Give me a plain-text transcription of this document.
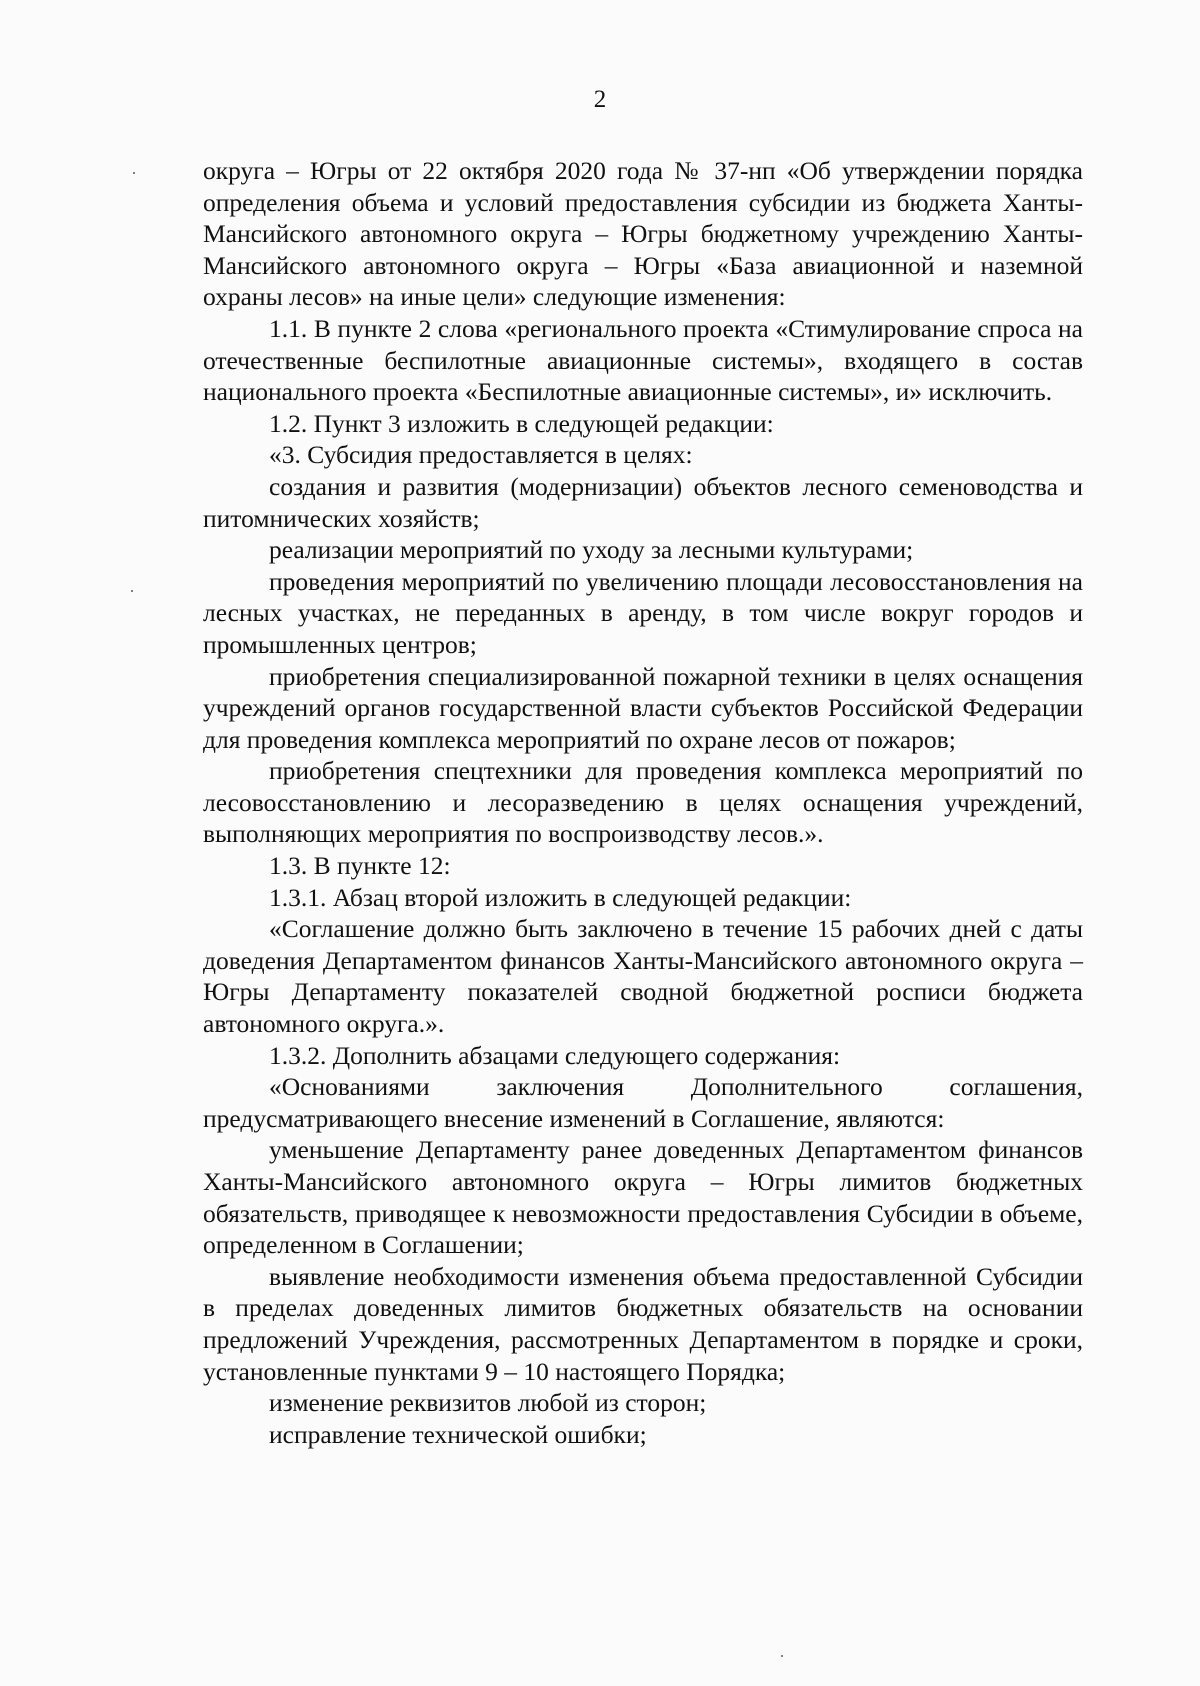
2

округа – Югры от 22 октября 2020 года № 37-нп «Об утверждении порядка определения объема и условий предоставления субсидии из бюджета Ханты-Мансийского автономного округа – Югры бюджетному учреждению Ханты-Мансийского автономного округа – Югры «База авиационной и наземной охраны лесов» на иные цели» следующие изменения:

1.1. В пункте 2 слова «регионального проекта «Стимулирование спроса на отечественные беспилотные авиационные системы», входящего в состав национального проекта «Беспилотные авиационные системы», и» исключить.

1.2. Пункт 3 изложить в следующей редакции:

«3. Субсидия предоставляется в целях:

создания и развития (модернизации) объектов лесного семеноводства и питомнических хозяйств;

реализации мероприятий по уходу за лесными культурами;

проведения мероприятий по увеличению площади лесовосстановления на лесных участках, не переданных в аренду, в том числе вокруг городов и промышленных центров;

приобретения специализированной пожарной техники в целях оснащения учреждений органов государственной власти субъектов Российской Федерации для проведения комплекса мероприятий по охране лесов от пожаров;

приобретения спецтехники для проведения комплекса мероприятий по лесовосстановлению и лесоразведению в целях оснащения учреждений, выполняющих мероприятия по воспроизводству лесов.».

1.3. В пункте 12:

1.3.1. Абзац второй изложить в следующей редакции:

«Соглашение должно быть заключено в течение 15 рабочих дней с даты доведения Департаментом финансов Ханты-Мансийского автономного округа – Югры Департаменту показателей сводной бюджетной росписи бюджета автономного округа.».

1.3.2. Дополнить абзацами следующего содержания:

«Основаниями заключения Дополнительного соглашения, предусматривающего внесение изменений в Соглашение, являются:

уменьшение Департаменту ранее доведенных Департаментом финансов Ханты-Мансийского автономного округа – Югры лимитов бюджетных обязательств, приводящее к невозможности предоставления Субсидии в объеме, определенном в Соглашении;

выявление необходимости изменения объема предоставленной Субсидии в пределах доведенных лимитов бюджетных обязательств на основании предложений Учреждения, рассмотренных Департаментом в порядке и сроки, установленные пунктами 9 – 10 настоящего Порядка;

изменение реквизитов любой из сторон;

исправление технической ошибки;
